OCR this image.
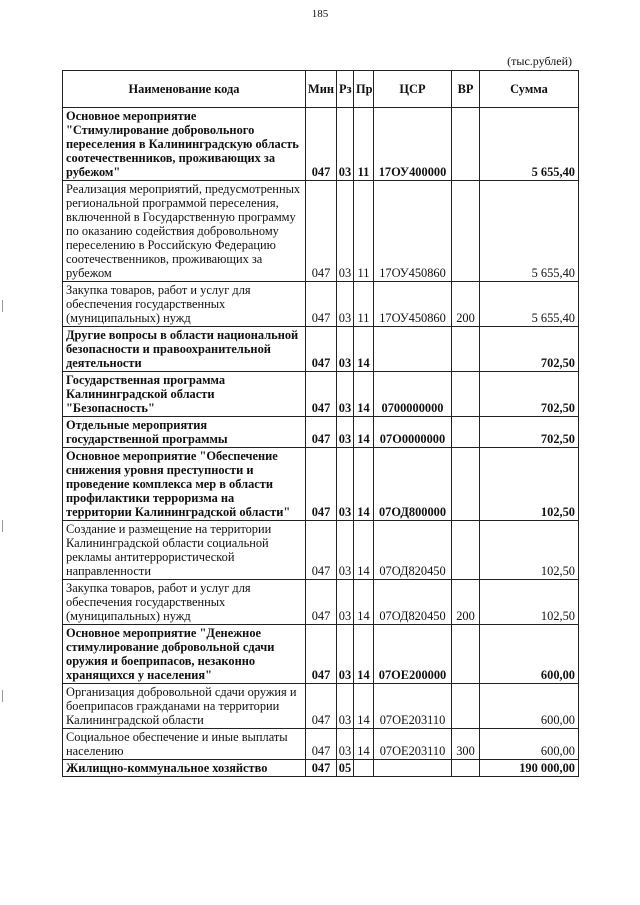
185
(тыс.рублей)
Наименование кода	Мин	Рз	Пр	ЦСР	ВР	Сумма
Основное мероприятие "Стимулирование добровольного переселения в Калининградскую область соотечественников, проживающих за рубежом"	047	03	11	17ОУ400000		5 655,40
Реализация мероприятий, предусмотренных региональной программой переселения, включенной в Государственную программу по оказанию содействия добровольному переселению в Российскую Федерацию соотечественников, проживающих за рубежом	047	03	11	17ОУ450860		5 655,40
Закупка товаров, работ и услуг для обеспечения государственных (муниципальных) нужд	047	03	11	17ОУ450860	200	5 655,40
Другие вопросы в области национальной безопасности и правоохранительной деятельности	047	03	14			702,50
Государственная программа Калининградской области "Безопасность"	047	03	14	0700000000		702,50
Отдельные мероприятия государственной программы	047	03	14	07О0000000		702,50
Основное мероприятие "Обеспечение снижения уровня преступности и проведение комплекса мер в области профилактики терроризма на территории Калининградской области"	047	03	14	07ОД800000		102,50
Создание и размещение на территории Калининградской области социальной рекламы антитеррористической направленности	047	03	14	07ОД820450		102,50
Закупка товаров, работ и услуг для обеспечения государственных (муниципальных) нужд	047	03	14	07ОД820450	200	102,50
Основное мероприятие "Денежное стимулирование добровольной сдачи оружия и боеприпасов, незаконно хранящихся у населения"	047	03	14	07ОЕ200000		600,00
Организация добровольной сдачи оружия и боеприпасов гражданами на территории Калининградской области	047	03	14	07ОЕ203110		600,00
Социальное обеспечение и иные выплаты населению	047	03	14	07ОЕ203110	300	600,00
Жилищно-коммунальное хозяйство	047	05				190 000,00
